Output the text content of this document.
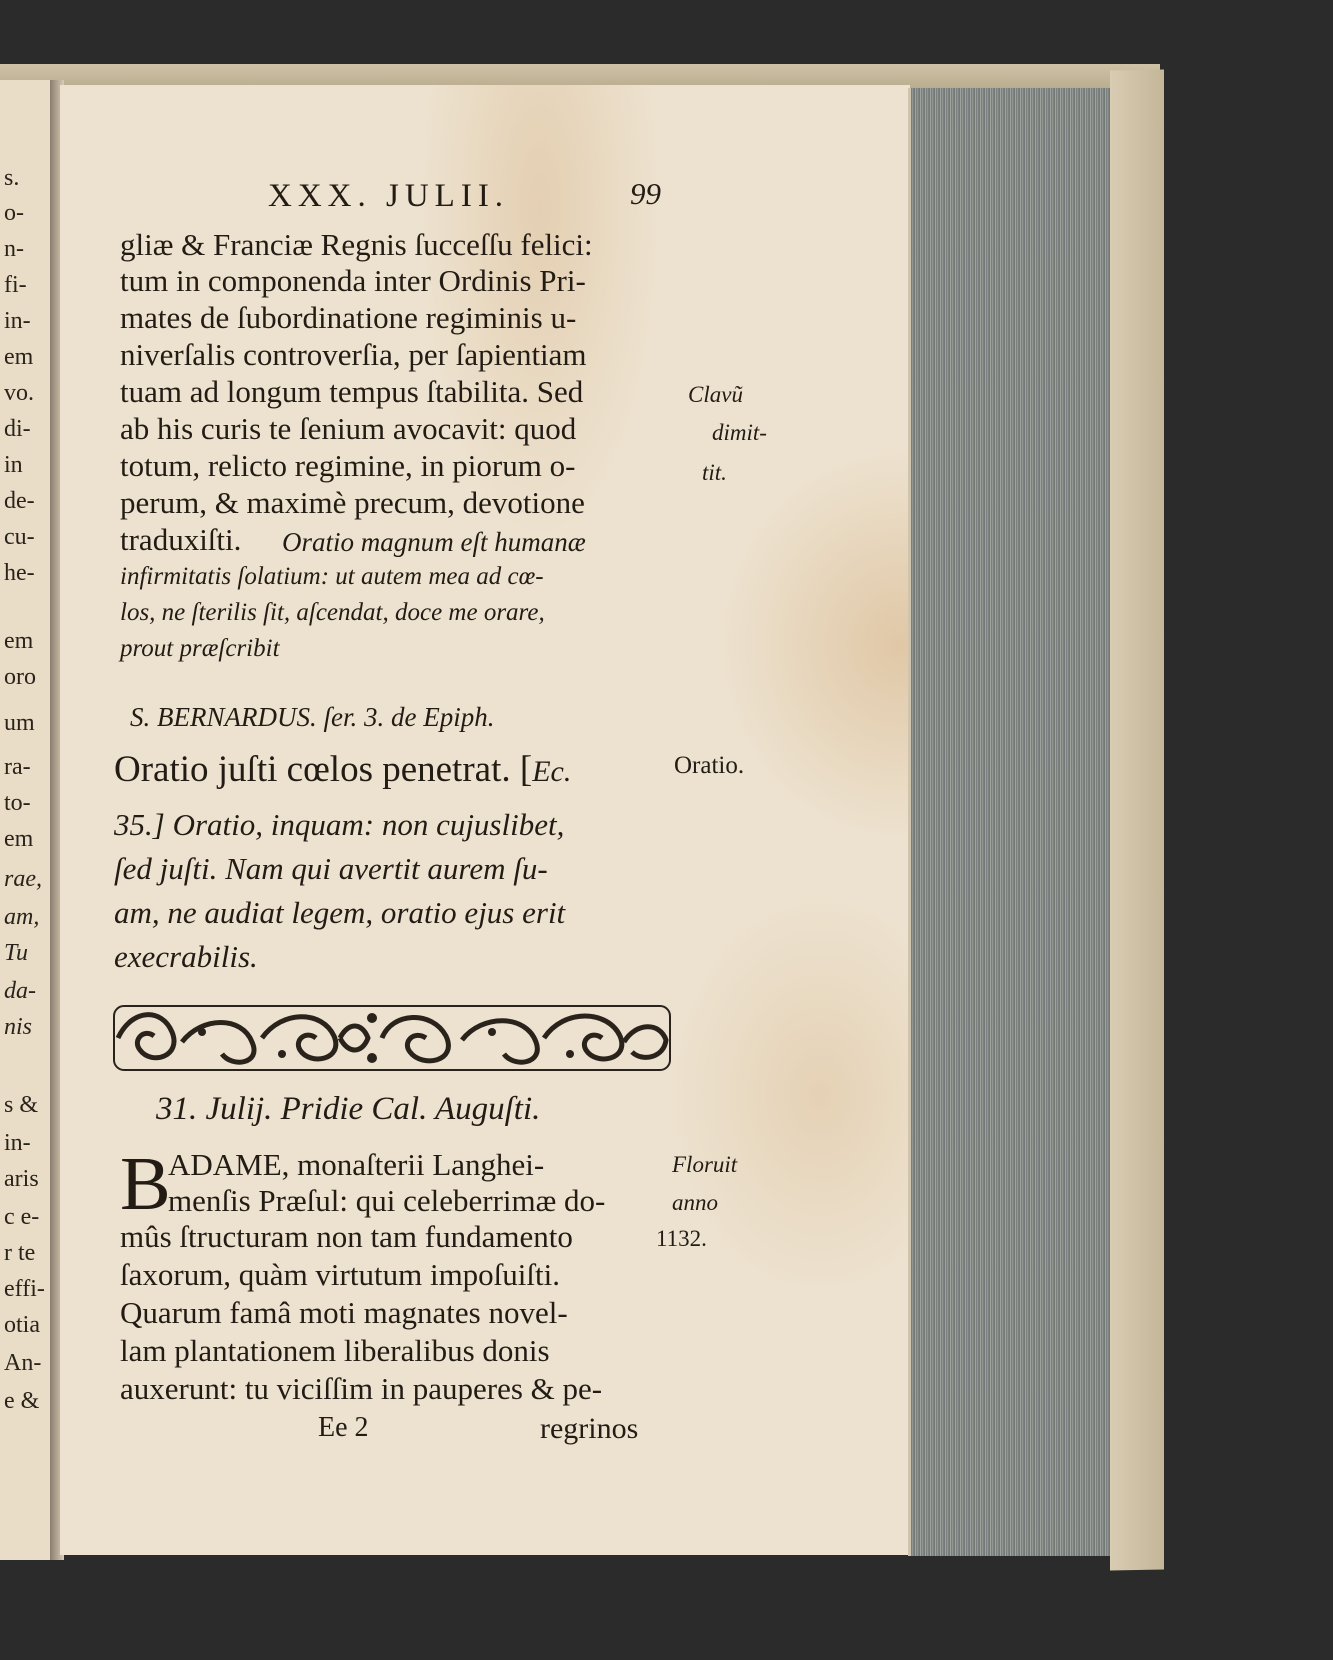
s.
o-
n-
fi-
in-
em
vo.
di-
in
de-
cu-
he-
em
oro
um
ra-
to-
em
rae,
am,
Tu
da-
nis
s &
in-
aris
c e-
r te
effi-
otia
An-
e &
XXX. JULII.	99
gliæ & Franciæ Regnis ſucceſſu felici:
tum in componenda inter Ordinis Pri-
mates de ſubordinatione regiminis u-
niverſalis controverſia, per ſapientiam
tuam ad longum tempus ſtabilita. Sed
ab his curis te ſenium avocavit: quod
totum, relicto regimine, in piorum o-
perum, & maximè precum, devotione
traduxiſti.	Oratio magnum eſt humanæ
infirmitatis ſolatium: ut autem mea ad cœ-
los, ne ſterilis ſit, aſcendat, doce me orare,
prout præſcribit
Clavũ
dimit-
tit.
S. BERNARDUS. ſer. 3. de Epiph.
Oratio juſti cœlos penetrat. [Ec.	Oratio.
35.] Oratio, inquam: non cujuslibet,
ſed juſti. Nam qui avertit aurem ſu-
am, ne audiat legem, oratio ejus erit
execrabilis.
31. Julij. Pridie Cal. Auguſti.
B
ADAME, monaſterii Langhei-
menſis Præſul: qui celeberrimæ do-
mûs ſtructuram non tam fundamento
ſaxorum, quàm virtutum impoſuiſti.
Quarum famâ moti magnates novel-
lam plantationem liberalibus donis
auxerunt: tu viciſſim in pauperes & pe-
Floruit
anno
1132.
Ee 2	regrinos
